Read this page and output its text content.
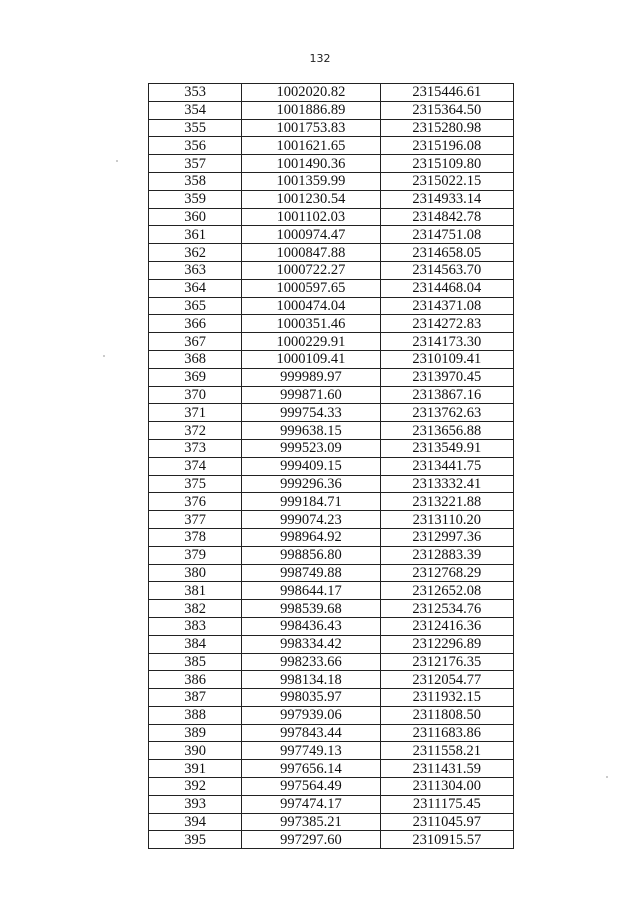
132
353	1002020.82	2315446.61
354	1001886.89	2315364.50
355	1001753.83	2315280.98
356	1001621.65	2315196.08
357	1001490.36	2315109.80
358	1001359.99	2315022.15
359	1001230.54	2314933.14
360	1001102.03	2314842.78
361	1000974.47	2314751.08
362	1000847.88	2314658.05
363	1000722.27	2314563.70
364	1000597.65	2314468.04
365	1000474.04	2314371.08
366	1000351.46	2314272.83
367	1000229.91	2314173.30
368	1000109.41	2310109.41
369	999989.97	2313970.45
370	999871.60	2313867.16
371	999754.33	2313762.63
372	999638.15	2313656.88
373	999523.09	2313549.91
374	999409.15	2313441.75
375	999296.36	2313332.41
376	999184.71	2313221.88
377	999074.23	2313110.20
378	998964.92	2312997.36
379	998856.80	2312883.39
380	998749.88	2312768.29
381	998644.17	2312652.08
382	998539.68	2312534.76
383	998436.43	2312416.36
384	998334.42	2312296.89
385	998233.66	2312176.35
386	998134.18	2312054.77
387	998035.97	2311932.15
388	997939.06	2311808.50
389	997843.44	2311683.86
390	997749.13	2311558.21
391	997656.14	2311431.59
392	997564.49	2311304.00
393	997474.17	2311175.45
394	997385.21	2311045.97
395	997297.60	2310915.57
